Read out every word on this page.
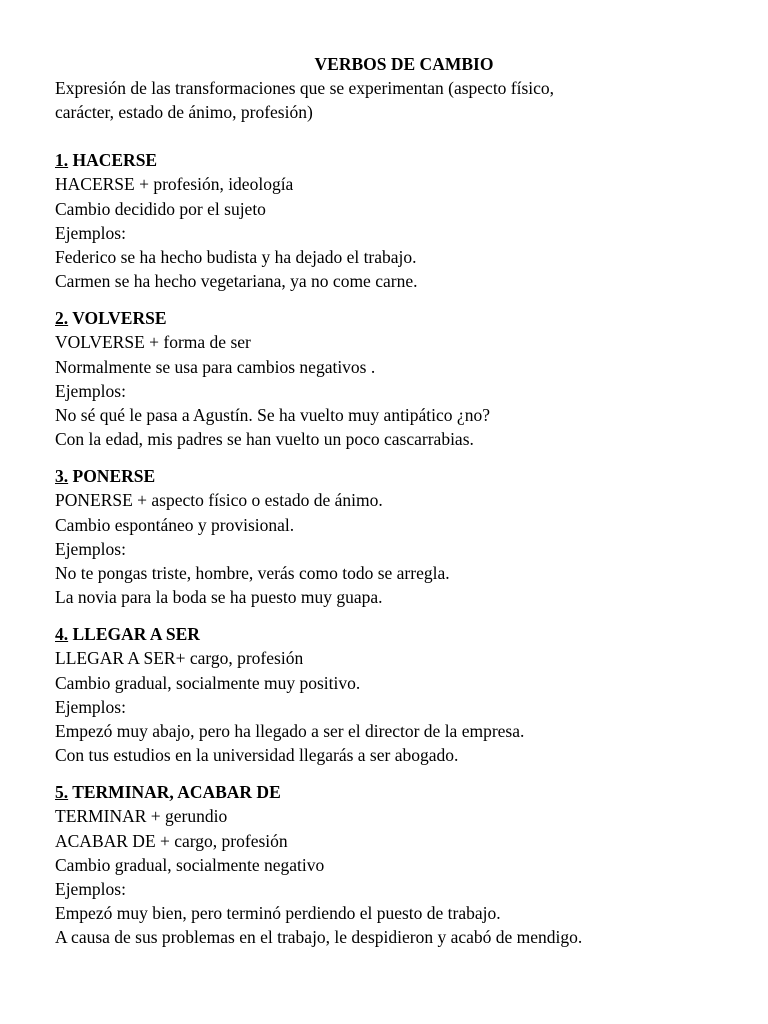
VERBOS DE CAMBIO
Expresión de las transformaciones que se experimentan (aspecto físico,
carácter, estado de ánimo, profesión)
1. HACERSE
HACERSE + profesión, ideología
Cambio decidido por el sujeto
Ejemplos:
Federico se ha hecho budista y ha dejado el trabajo.
Carmen se ha hecho vegetariana, ya no come carne.
2. VOLVERSE
VOLVERSE + forma de ser
Normalmente se usa para cambios negativos .
Ejemplos:
No sé qué le pasa a Agustín. Se ha vuelto muy antipático ¿no?
Con la edad, mis padres se han vuelto un poco cascarrabias.
3. PONERSE
PONERSE + aspecto físico o estado de ánimo.
Cambio espontáneo y provisional.
Ejemplos:
No te pongas triste, hombre, verás como todo se arregla.
La novia para la boda se ha puesto muy guapa.
4. LLEGAR A SER
LLEGAR A SER+ cargo, profesión
Cambio gradual, socialmente muy positivo.
Ejemplos:
Empezó muy abajo, pero ha llegado a ser el director de la empresa.
Con tus estudios en la universidad llegarás a ser abogado.
5. TERMINAR, ACABAR DE
TERMINAR + gerundio
ACABAR DE + cargo, profesión
Cambio gradual, socialmente negativo
Ejemplos:
Empezó muy bien, pero terminó perdiendo el puesto de trabajo.
A causa de sus problemas en el trabajo, le despidieron y acabó de mendigo.
